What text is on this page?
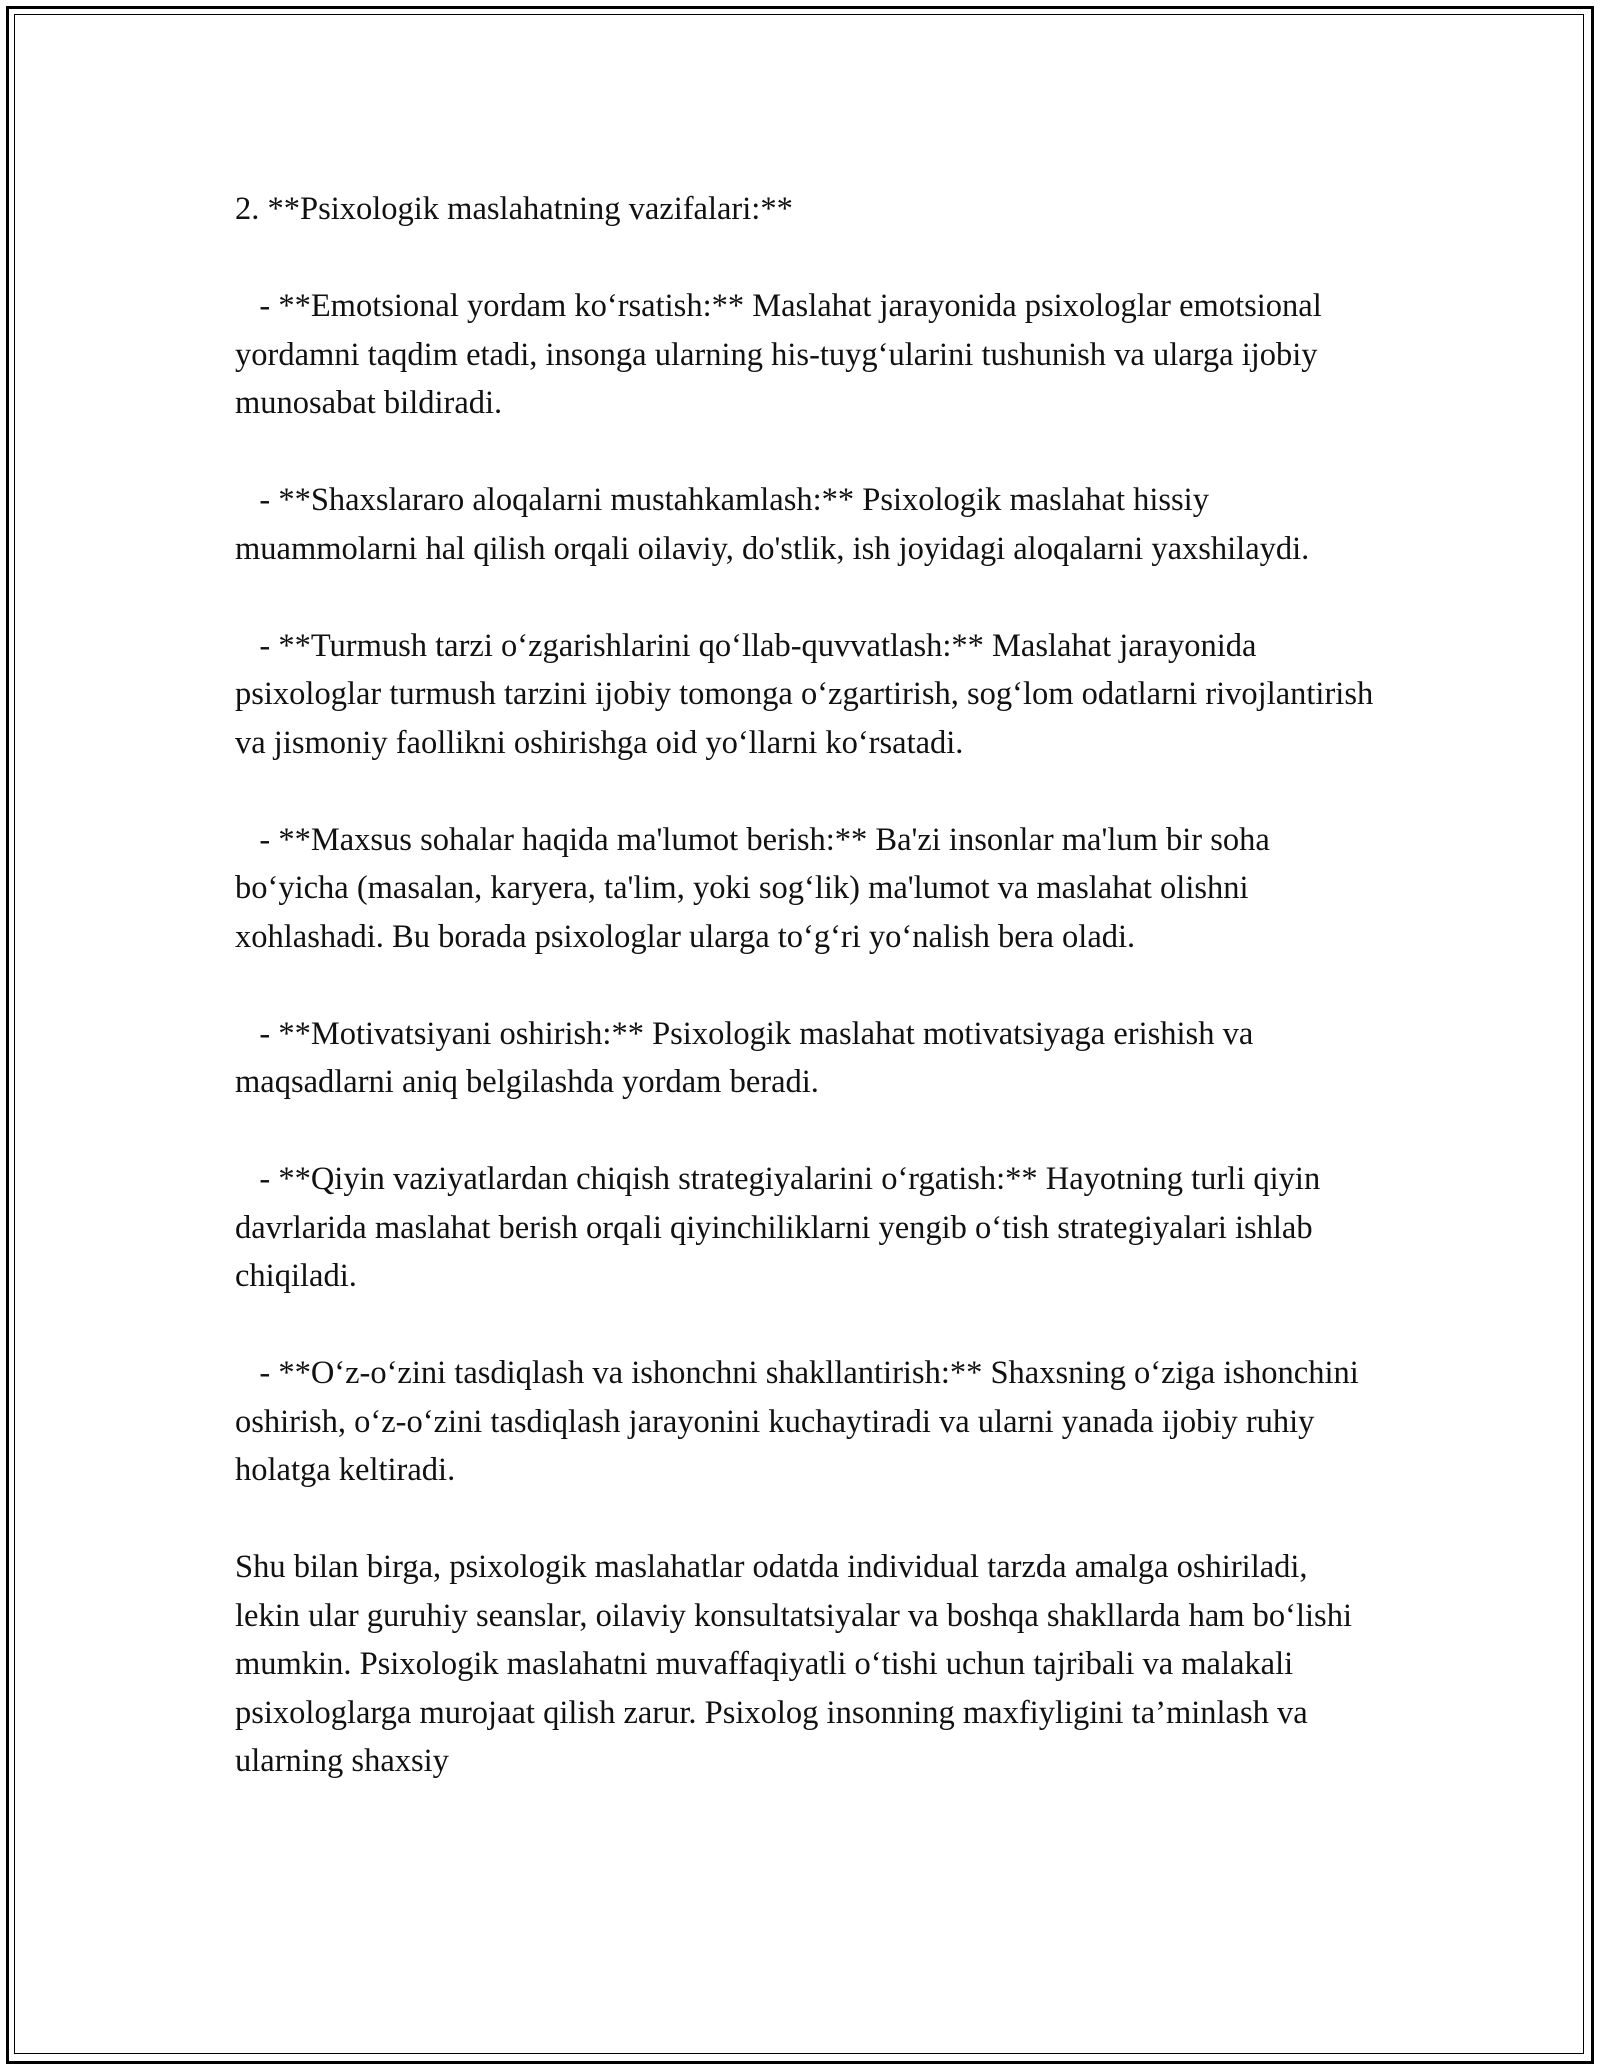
2. **Psixologik maslahatning vazifalari:**

- **Emotsional yordam koʻrsatish:** Maslahat jarayonida psixologlar emotsional yordamni taqdim etadi, insonga ularning his-tuygʻularini tushunish va ularga ijobiy munosabat bildiradi.

- **Shaxslararo aloqalarni mustahkamlash:** Psixologik maslahat hissiy muammolarni hal qilish orqali oilaviy, do'stlik, ish joyidagi aloqalarni yaxshilaydi.

- **Turmush tarzi oʻzgarishlarini qoʻllab-quvvatlash:** Maslahat jarayonida psixologlar turmush tarzini ijobiy tomonga oʻzgartirish, sogʻlom odatlarni rivojlantirish va jismoniy faollikni oshirishga oid yoʻllarni koʻrsatadi.

- **Maxsus sohalar haqida ma'lumot berish:** Ba'zi insonlar ma'lum bir soha boʻyicha (masalan, karyera, ta'lim, yoki sogʻlik) ma'lumot va maslahat olishni xohlashadi. Bu borada psixologlar ularga toʻgʻri yoʻnalish bera oladi.

- **Motivatsiyani oshirish:** Psixologik maslahat motivatsiyaga erishish va maqsadlarni aniq belgilashda yordam beradi.

- **Qiyin vaziyatlardan chiqish strategiyalarini oʻrgatish:** Hayotning turli qiyin davrlarida maslahat berish orqali qiyinchiliklarni yengib oʻtish strategiyalari ishlab chiqiladi.

- **Oʻz-oʻzini tasdiqlash va ishonchni shakllantirish:** Shaxsning oʻziga ishonchini oshirish, oʻz-oʻzini tasdiqlash jarayonini kuchaytiradi va ularni yanada ijobiy ruhiy holatga keltiradi.

Shu bilan birga, psixologik maslahatlar odatda individual tarzda amalga oshiriladi, lekin ular guruhiy seanslar, oilaviy konsultatsiyalar va boshqa shakllarda ham boʻlishi mumkin. Psixologik maslahatni muvaffaqiyatli oʻtishi uchun tajribali va malakali psixologlarga murojaat qilish zarur. Psixolog insonning maxfiyligini ta’minlash va ularning shaxsiy
